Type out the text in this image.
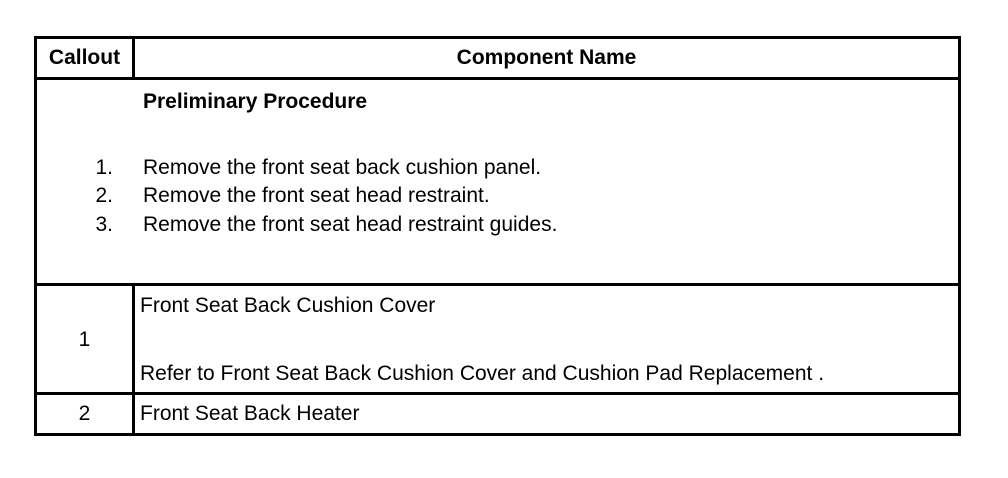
Callout	Component Name
Preliminary Procedure
1. Remove the front seat back cushion panel.
2. Remove the front seat head restraint.
3. Remove the front seat head restraint guides.
1
Front Seat Back Cushion Cover
Refer to Front Seat Back Cushion Cover and Cushion Pad Replacement .
2	Front Seat Back Heater
